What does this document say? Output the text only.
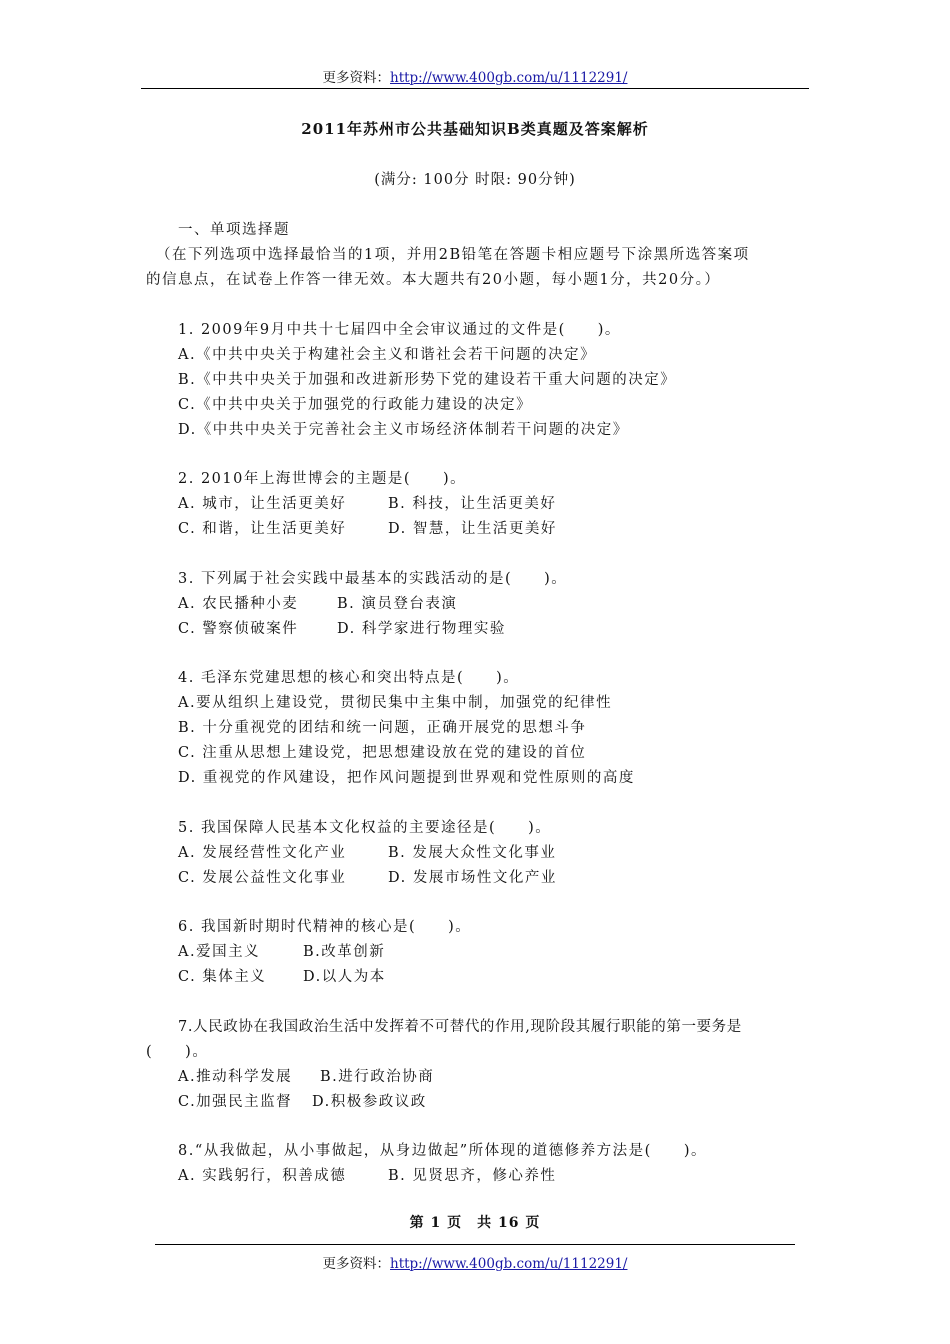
更多资料：http://www.400gb.com/u/1112291/
2011年苏州市公共基础知识B类真题及答案解析
(满分: 100分 时限: 90分钟)
一、单项选择题
（在下列选项中选择最恰当的1项，并用2B铅笔在答题卡相应题号下涂黑所选答案项
的信息点，在试卷上作答一律无效。本大题共有20小题，每小题1分，共20分。）
1. 2009年9月中共十七届四中全会审议通过的文件是(　　)。
A.《中共中央关于构建社会主义和谐社会若干问题的决定》
B.《中共中央关于加强和改进新形势下党的建设若干重大问题的决定》
C.《中共中央关于加强党的行政能力建设的决定》
D.《中共中央关于完善社会主义市场经济体制若干问题的决定》
2. 2010年上海世博会的主题是(　　)。
A. 城市，让生活更美好	B. 科技，让生活更美好
C. 和谐，让生活更美好	D. 智慧，让生活更美好
3. 下列属于社会实践中最基本的实践活动的是(　　)。
A. 农民播种小麦	B. 演员登台表演
C. 警察侦破案件	D. 科学家进行物理实验
4. 毛泽东党建思想的核心和突出特点是(　　)。
A.要从组织上建设党，贯彻民集中主集中制，加强党的纪律性
B. 十分重视党的团结和统一问题，正确开展党的思想斗争
C. 注重从思想上建设党，把思想建设放在党的建设的首位
D. 重视党的作风建设，把作风问题提到世界观和党性原则的高度
5. 我国保障人民基本文化权益的主要途径是(　　)。
A. 发展经营性文化产业	B. 发展大众性文化事业
C. 发展公益性文化事业	D. 发展市场性文化产业
6. 我国新时期时代精神的核心是(　　)。
A.爱国主义	B.改革创新
C. 集体主义	D.以人为本
7.人民政协在我国政治生活中发挥着不可替代的作用,现阶段其履行职能的第一要务是
(　　)。
A.推动科学发展 B.进行政治协商
C.加强民主监督 D.积极参政议政
8.“从我做起，从小事做起，从身边做起”所体现的道德修养方法是(　　)。
A. 实践躬行，积善成德	B. 见贤思齐，修心养性
第 1 页　共 16 页
更多资料：http://www.400gb.com/u/1112291/
